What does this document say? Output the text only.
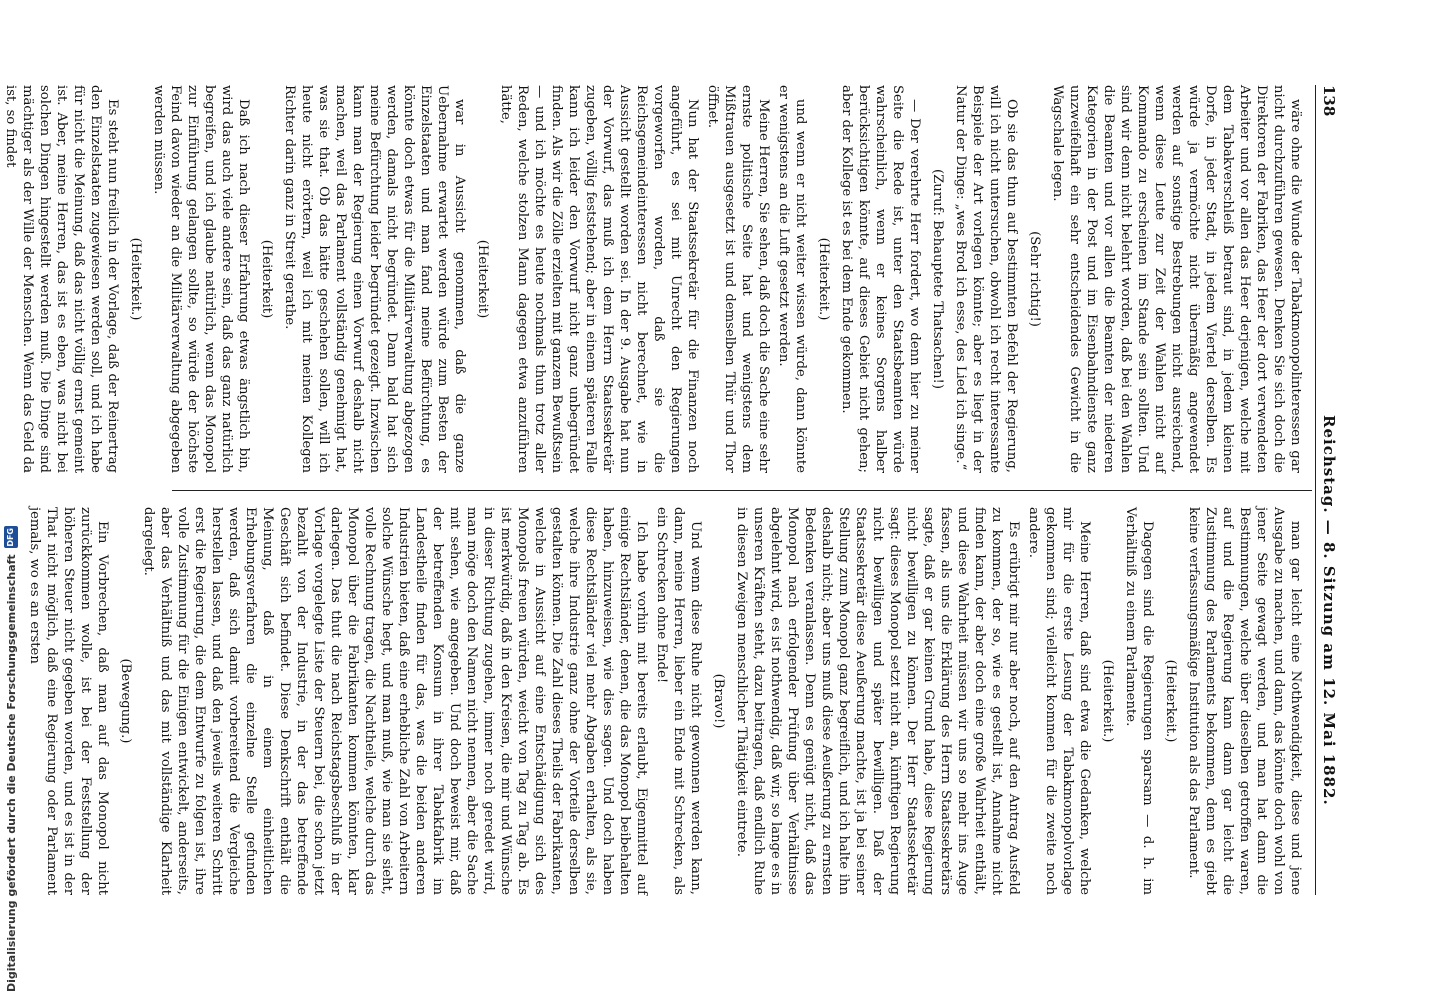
138
Reichstag. — 8. Sitzung am 12. Mai 1882.

wäre ohne die Wunde der Tabakmonopolinteressen gar nicht durchzuführen gewesen. Denken Sie sich doch die Direktoren der Fabriken, das Heer der dort verwendeten Arbeiter und vor allen das Heer derjenigen, welche mit dem Tabakverschleiß betraut sind, in jedem kleinen Dorfe, in jeder Stadt, in jedem Viertel derselben. Es würde ja vermöchte nicht übermäßig angewendet werden auf sonstige Bestrebungen nicht ausreichend, wenn diese Leute zur Zeit der Wahlen nicht auf Kommando zu erscheinen im Stande sein sollten. Und sind wir denn nicht belehrt worden, daß bei den Wahlen die Beamten und vor allen die Beamten der niederen Kategorien in der Post und im Eisenbahndienste ganz unzweifelhaft ein sehr entscheidendes Gewicht in die Wagschale legen.

(Sehr richtig!)

Ob sie das thun auf bestimmten Befehl der Regierung, will ich nicht untersuchen, obwohl ich recht interessante Beispiele der Art vorlegen könnte; aber es liegt in der Natur der Dinge: „wes Brod ich esse, des Lied ich singe.“

(Zuruf: Behauptete Thatsachen!)

— Der verehrte Herr fordert, wo denn hier zu meiner Seite die Rede ist, unter den Staatsbeamten würde wahrscheinlich, wenn er keines Sorgens halber berücksichtigen könnte, auf dieses Gebiet nicht gehen; aber der Kollege ist es bei dem Ende gekommen.

(Heiterkeit.)

und wenn er nicht weiter wissen würde, dann könnte er wenigstens an die Luft gesetzt werden.

Meine Herren, Sie sehen, daß doch die Sache eine sehr ernste politische Seite hat und wenigstens dem Mißtrauen ausgesetzt ist und demselben Thür und Thor öffnet.

Nun hat der Staatssekretär für die Finanzen noch angeführt, es sei mit Unrecht den Regierungen vorgeworfen worden, daß sie die Reichsgemeindeinteressen nicht berechnet, wie in Aussicht gestellt worden sei. In der 9. Ausgabe hat nun der Vorwurf, das muß ich dem Herrn Staatssekretär zugeben, völlig feststehend; aber in einem späteren Falle kann ich leider den Vorwurf nicht ganz unbegründet finden. Als wir die Zölle erzielten mit ganzem Bewußtsein — und ich möchte es heute nochmals thun trotz aller Reden, welche stolzen Mann dagegen etwa anzuführen hätte,

(Heiterkeit)

war in Aussicht genommen, daß die ganze Uebernahme erwartet werden würde zum Besten der Einzelstaaten und man fand meine Befürchtung, es könnte doch etwas für die Militärverwaltung abgezogen werden, damals nicht begründet. Dann bald hat sich meine Befürchtung leider begründet gezeigt. Inzwischen kann man der Regierung einen Vorwurf deshalb nicht machen, weil das Parlament vollständig genehmigt hat, was sie that. Ob das hätte geschehen sollen, will ich heute nicht erörtern, weil ich mit meinen Kollegen Richter darin ganz in Streit gerathe.

(Heiterkeit)

Daß ich nach dieser Erfahrung etwas ängstlich bin, wird das auch viele andere sein, daß das ganz natürlich begreifen, und ich glaube natürlich, wenn das Monopol zur Einführung gelangen sollte, so würde der höchste Feind davon wieder an die Militärverwaltung abgegeben werden müssen.

(Heiterkeit.)

Es steht nun freilich in der Vorlage, daß der Reinertrag den Einzelstaaten zugewiesen werden soll, und ich habe für nicht die Meinung, daß das nicht völlig ernst gemeint ist. Aber, meine Herren, das ist es eben, was nicht bei solchen Dingen hingestellt werden muß. Die Dinge sind mächtiger als der Wille der Menschen. Wenn das Geld da ist, so findet

man gar leicht eine Nothwendigkeit, diese und jene Ausgabe zu machen, und dann, das könnte doch wohl von jener Seite gewagt werden, und man hat dann die Bestimmungen, welche über dieselben getroffen waren, auf und die Regierung kann dann gar leicht die Zustimmung des Parlaments bekommen, denn es giebt keine verfassungsmäßige Institution als das Parlament.

(Heiterkeit.)

Dagegen sind die Regierungen sparsam — d. h. im Verhältniß zu einem Parlamente.

(Heiterkeit.)

Meine Herren, daß sind etwa die Gedanken, welche mir für die erste Lesung der Tabakmonopolvorlage gekommen sind; vielleicht kommen für die zweite noch andere.

Es erübrigt mir nur aber noch, auf den Antrag Ausfeld zu kommen, der so, wie es gestellt ist, Annahme nicht finden kann, der aber doch eine große Wahrheit enthält, und diese Wahrheit müssen wir uns so mehr ins Auge fassen, als uns die Erklärung des Herrn Staatssekretärs sagte, daß er gar keinen Grund habe, diese Regierung nicht bewilligen zu können. Der Herr Staatssekretär sagt: dieses Monopol setzt nicht an, künftigen Regierung nicht bewilligen und später bewilligen. Daß der Staatssekretär diese Aeußerung machte, ist ja bei seiner Stellung zum Monopol ganz begreiflich, und ich halte ihn deshalb nicht; aber uns muß diese Aeußerung zu ernsten Bedenken veranlassen. Denn es genügt nicht, daß das Monopol nach erfolgender Prüfung über Verhältnisse abgelehnt wird, es ist nothwendig, daß wir, so lange es in unseren Kräften steht, dazu beitragen, daß endlich Ruhe in diesen Zweigen menschlicher Thätigkeit eintrete.

(Bravo!)

Und wenn diese Ruhe nicht gewonnen werden kann, dann, meine Herren, lieber ein Ende mit Schrecken, als ein Schrecken ohne Ende!

Ich habe vorhin mit bereits erlaubt, Eigenmittel auf einige Rechtsländer, denen, die das Monopol beibehalten haben, hinzuweisen, wie dies sagen. Und doch haben diese Rechtsländer viel mehr Abgaben erhalten, als sie, welche ihre Industrie ganz ohne der Vorteile derselben gestalten können. Die Zahl dieses Theils der Fabrikanten, welche in Aussicht auf eine Entschädigung sich des Monopols freuen würden, weicht von Tag zu Tag ab. Es ist merkwürdig, daß in den Kreisen, die mir und Wünsche in dieser Richtung zugehen, immer noch geredet wird, man möge doch den Namen nicht nennen, aber die Sache mit sehen, wie angegeben. Und doch beweist mir, daß der betreffenden Konsum in ihrer Tabakfabrik im Landestheile finden für das, was die beiden anderen Industrien bieten, daß eine erhebliche Zahl von Arbeitern solche Wünsche hegt, und man muß, wie man sie sieht, volle Rechnung tragen, die Nachtheile, welche durch das Monopol über die Fabrikanten kommen könnten, klar darlegen. Das thut die nach Reichstagsbeschluß in der Vorlage vorgelegte Liste der Steuern bei, die schon jetzt bezahlt von der Industrie, in der das betreffende Geschäft sich befindet. Diese Denkschrift enthält die Meinung, daß in einem einheitlichen Erhebungsverfahren die einzelne Stelle gefunden werden, daß sich damit vorbereitend die Vergleiche herstellen lassen, und daß den jeweils weiteren Schritt erst die Regierung, die dem Entwurfe zu folgen ist, ihre volle Zustimmung für die Einigen entwickelt, anderseits, aber das Verhältniß und das mit vollständige Klarheit dargelegt.

(Bewegung.)

Ein Vorbrechen, daß man auf das Monopol nicht zurückkommen wolle, ist bei der Feststellung der höheren Steuer nicht gegeben worden, und es ist in der That nicht möglich, daß eine Regierung oder Parlament jemals, wo es an ersten

Digitalisierung gefördert durch die Deutsche Forschungsgemeinschaft
DFG
